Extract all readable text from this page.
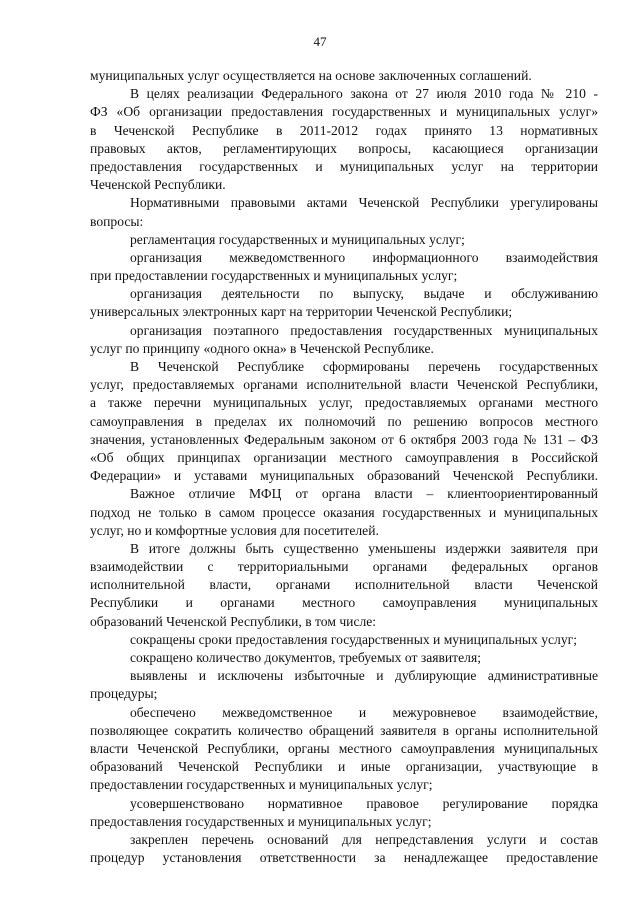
47
муниципальных услуг осуществляется на основе заключенных соглашений.
В целях реализации Федерального закона от 27 июля 2010 года № 210 -
ФЗ «Об организации предоставления государственных и муниципальных услуг»
в Чеченской Республике в 2011-2012 годах принято 13 нормативных
правовых актов, регламентирующих вопросы, касающиеся организации
предоставления государственных и муниципальных услуг на территории
Чеченской Республики.
Нормативными правовыми актами Чеченской Республики урегулированы
вопросы:
регламентация государственных и муниципальных услуг;
организация межведомственного информационного взаимодействия
при предоставлении государственных и муниципальных услуг;
организация деятельности по выпуску, выдаче и обслуживанию
универсальных электронных карт на территории Чеченской Республики;
организация поэтапного предоставления государственных муниципальных
услуг по принципу «одного окна» в Чеченской Республике.
В Чеченской Республике сформированы перечень государственных
услуг, предоставляемых органами исполнительной власти Чеченской Республики,
а также перечни муниципальных услуг, предоставляемых органами местного
самоуправления в пределах их полномочий по решению вопросов местного
значения, установленных Федеральным законом от 6 октября 2003 года № 131 – ФЗ
«Об общих принципах организации местного самоуправления в Российской
Федерации» и уставами муниципальных образований Чеченской Республики.
Важное отличие МФЦ от органа власти – клиентоориентированный
подход не только в самом процессе оказания государственных и муниципальных
услуг, но и комфортные условия для посетителей.
В итоге должны быть существенно уменьшены издержки заявителя при
взаимодействии с территориальными органами федеральных органов
исполнительной власти, органами исполнительной власти Чеченской
Республики и органами местного самоуправления муниципальных
образований Чеченской Республики, в том числе:
сокращены сроки предоставления государственных и муниципальных услуг;
сокращено количество документов, требуемых от заявителя;
выявлены и исключены избыточные и дублирующие административные
процедуры;
обеспечено межведомственное и межуровневое взаимодействие,
позволяющее сократить количество обращений заявителя в органы исполнительной
власти Чеченской Республики, органы местного самоуправления муниципальных
образований Чеченской Республики и иные организации, участвующие в
предоставлении государственных и муниципальных услуг;
усовершенствовано нормативное правовое регулирование порядка
предоставления государственных и муниципальных услуг;
закреплен перечень оснований для непредставления услуги и состав
процедур установления ответственности за ненадлежащее предоставление
